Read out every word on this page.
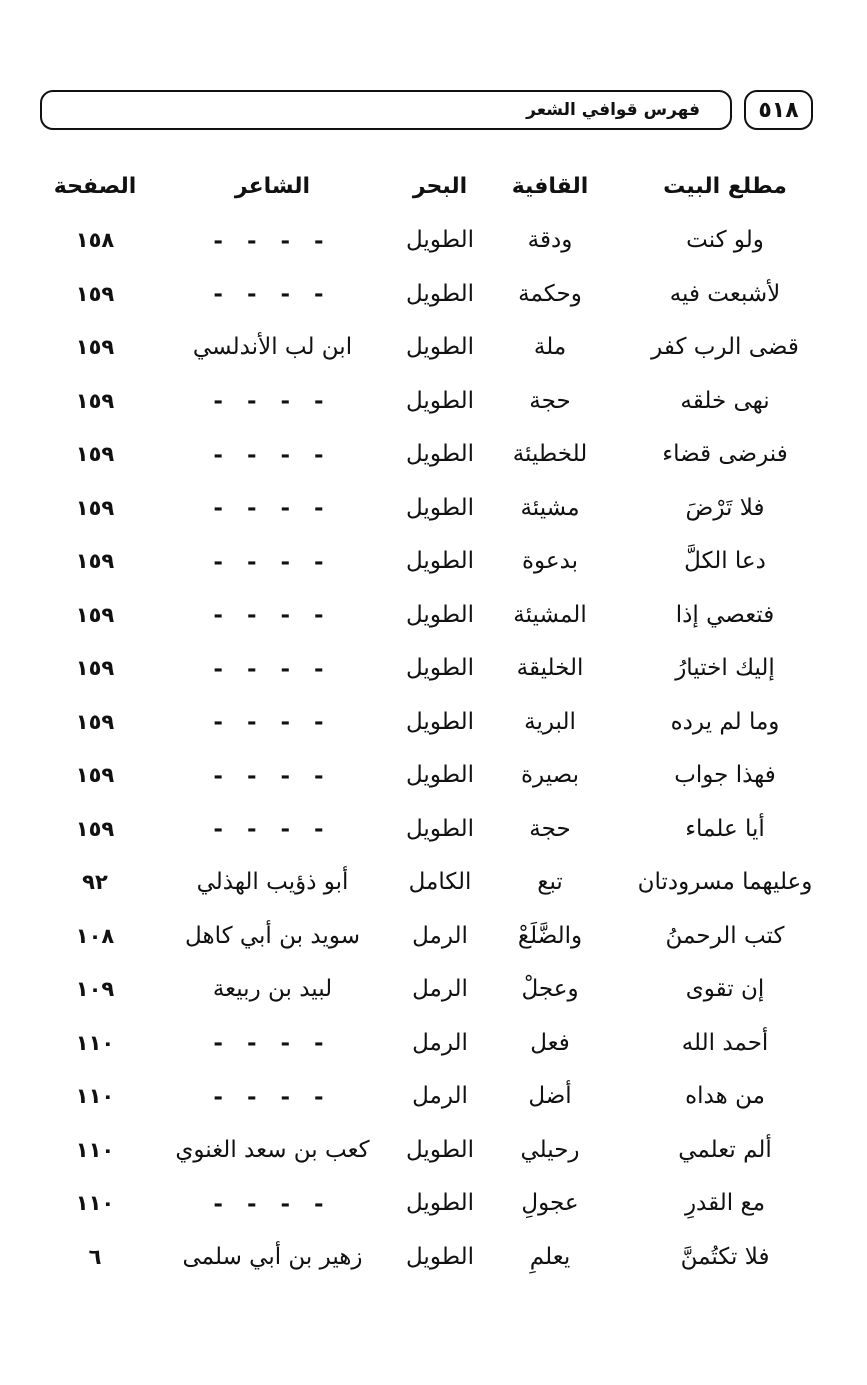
فهرس قوافي الشعر	٥١٨
مطلع البيت
القافية
البحر
الشاعر
الصفحة
ولو كنت
ودقة
الطويل
- - - -
١٥٨
لأشبعت فيه
وحكمة
الطويل
- - - -
١٥٩
قضى الرب كفر
ملة
الطويل
ابن لب الأندلسي
١٥٩
نهى خلقه
حجة
الطويل
- - - -
١٥٩
فنرضى قضاء
للخطيئة
الطويل
- - - -
١٥٩
فلا تَرْضَ
مشيئة
الطويل
- - - -
١٥٩
دعا الكلَّ
بدعوة
الطويل
- - - -
١٥٩
فتعصي إذا
المشيئة
الطويل
- - - -
١٥٩
إليك اختيارُ
الخليقة
الطويل
- - - -
١٥٩
وما لم يرده
البرية
الطويل
- - - -
١٥٩
فهذا جواب
بصيرة
الطويل
- - - -
١٥٩
أيا علماء
حجة
الطويل
- - - -
١٥٩
وعليهما مسرودتان
تبع
الكامل
أبو ذؤيب الهذلي
٩٢
كتب الرحمنُ
والضَّلَعْ
الرمل
سويد بن أبي كاهل
١٠٨
إن تقوى
وعجلْ
الرمل
لبيد بن ربيعة
١٠٩
أحمد الله
فعل
الرمل
- - - -
١١٠
من هداه
أضل
الرمل
- - - -
١١٠
ألم تعلمي
رحيلي
الطويل
كعب بن سعد الغنوي
١١٠
مع القدرِ
عجولِ
الطويل
- - - -
١١٠
فلا تكتُمنَّ
يعلمِ
الطويل
زهير بن أبي سلمى
٦
